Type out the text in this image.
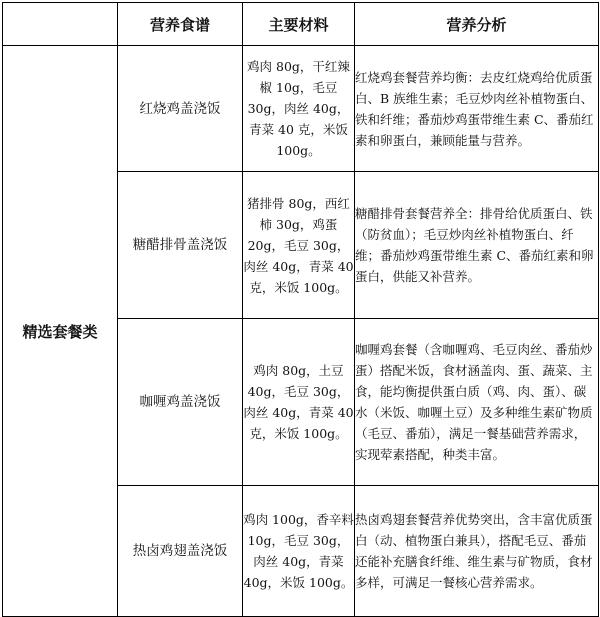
	营养食谱	主要材料	营养分析
精选套餐类	红烧鸡盖浇饭	鸡肉 80g，干红辣椒 10g，毛豆 30g，肉丝 40g，青菜 40 克，米饭 100g。	红烧鸡套餐营养均衡：去皮红烧鸡给优质蛋白、B 族维生素；毛豆炒肉丝补植物蛋白、铁和纤维；番茄炒鸡蛋带维生素 C、番茄红素和卵蛋白，兼顾能量与营养。
	糖醋排骨盖浇饭	猪排骨 80g，西红柿 30g，鸡蛋 20g，毛豆 30g，肉丝 40g，青菜 40 克，米饭 100g。	糖醋排骨套餐营养全：排骨给优质蛋白、铁（防贫血）；毛豆炒肉丝补植物蛋白、纤维；番茄炒鸡蛋带维生素 C、番茄红素和卵蛋白，供能又补营养。
	咖喱鸡盖浇饭	鸡肉 80g，土豆 40g，毛豆 30g，肉丝 40g，青菜 40 克，米饭 100g。	咖喱鸡套餐（含咖喱鸡、毛豆肉丝、番茄炒蛋）搭配米饭，食材涵盖肉、蛋、蔬菜、主食，能均衡提供蛋白质（鸡、肉、蛋）、碳水（米饭、咖喱土豆）及多种维生素矿物质（毛豆、番茄），满足一餐基础营养需求，实现荤素搭配，种类丰富。
	热卤鸡翅盖浇饭	鸡肉 100g，香辛料 10g，毛豆 30g，肉丝 40g，青菜 40g，米饭 100g。	热卤鸡翅套餐营养优势突出，含丰富优质蛋白（动、植物蛋白兼具），搭配毛豆、番茄还能补充膳食纤维、维生素与矿物质，食材多样，可满足一餐核心营养需求。
